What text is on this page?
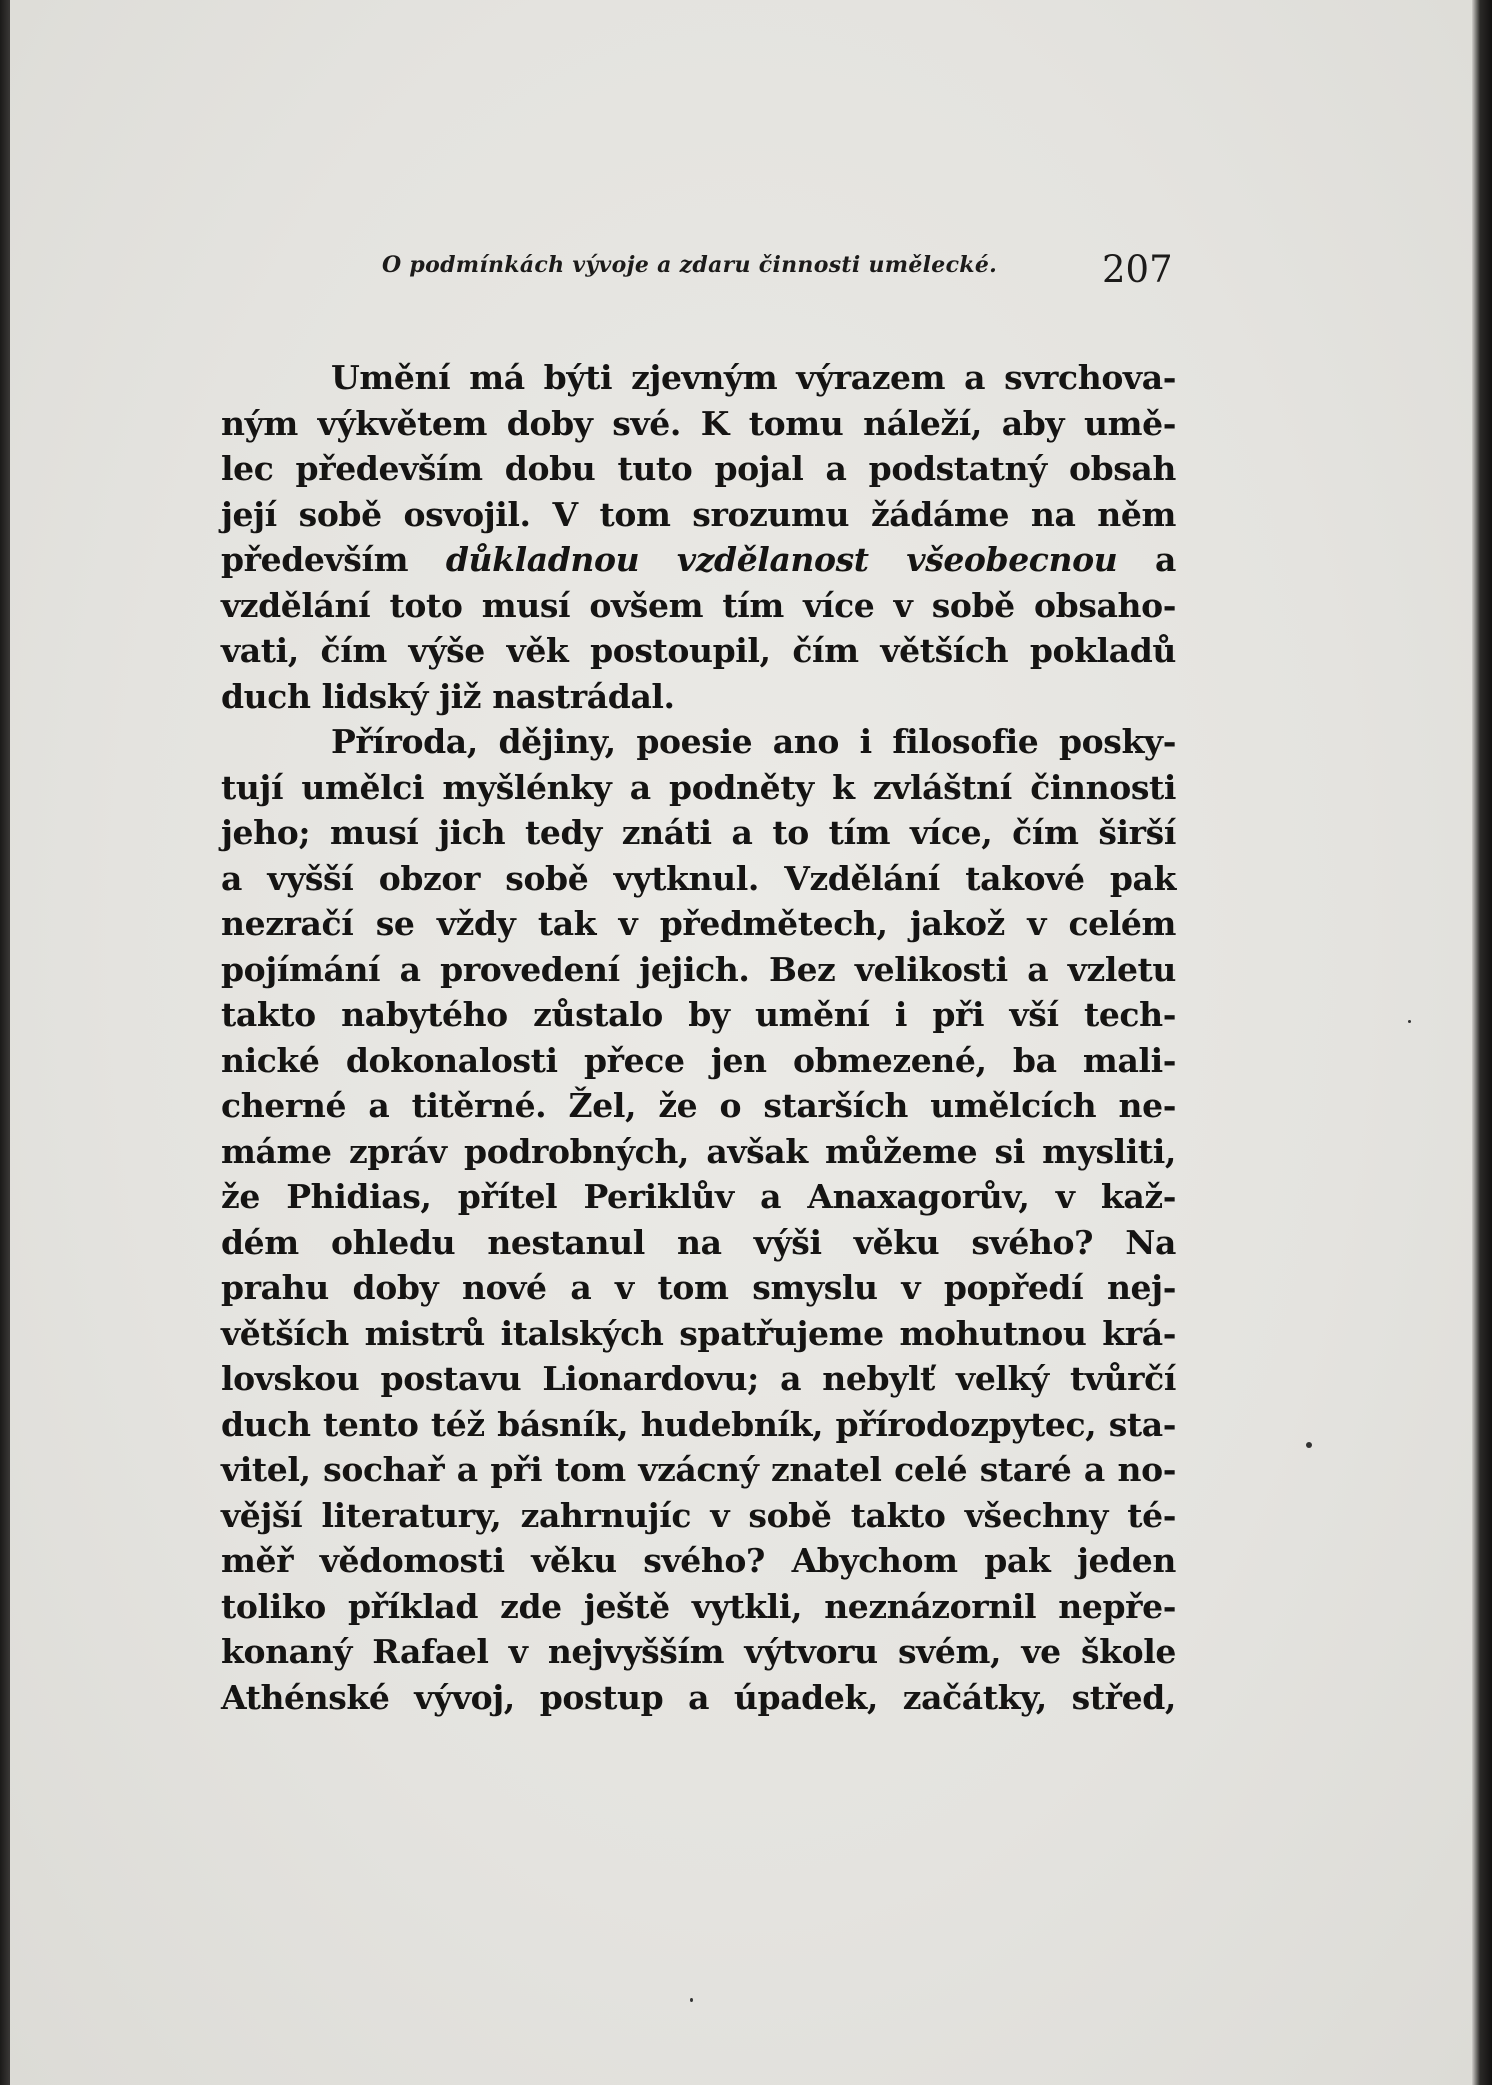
O podmínkách vývoje a zdaru činnosti umělecké.	207
Umění má býti zjevným výrazem a svrchova-
ným výkvětem doby své. K tomu náleží, aby umě-
lec především dobu tuto pojal a podstatný obsah
její sobě osvojil. V tom srozumu žádáme na něm
především důkladnou vzdělanost všeobecnou a
vzdělání toto musí ovšem tím více v sobě obsaho-
vati, čím výše věk postoupil, čím větších pokladů
duch lidský již nastrádal.
Příroda, dějiny, poesie ano i filosofie posky-
tují umělci myšlénky a podněty k zvláštní činnosti
jeho; musí jich tedy znáti a to tím více, čím širší
a vyšší obzor sobě vytknul. Vzdělání takové pak
nezračí se vždy tak v předmětech, jakož v celém
pojímání a provedení jejich. Bez velikosti a vzletu
takto nabytého zůstalo by umění i při vší tech-
nické dokonalosti přece jen obmezené, ba mali-
cherné a titěrné. Žel, že o starších umělcích ne-
máme zpráv podrobných, avšak můžeme si mysliti,
že Phidias, přítel Periklův a Anaxagorův, v kaž-
dém ohledu nestanul na výši věku svého? Na
prahu doby nové a v tom smyslu v popředí nej-
větších mistrů italských spatřujeme mohutnou krá-
lovskou postavu Lionardovu; a nebylť velký tvůrčí
duch tento též básník, hudebník, přírodozpytec, sta-
vitel, sochař a při tom vzácný znatel celé staré a no-
vější literatury, zahrnujíc v sobě takto všechny té-
měř vědomosti věku svého? Abychom pak jeden
toliko příklad zde ještě vytkli, neznázornil nepře-
konaný Rafael v nejvyšším výtvoru svém, ve škole
Athénské vývoj, postup a úpadek, začátky, střed,
